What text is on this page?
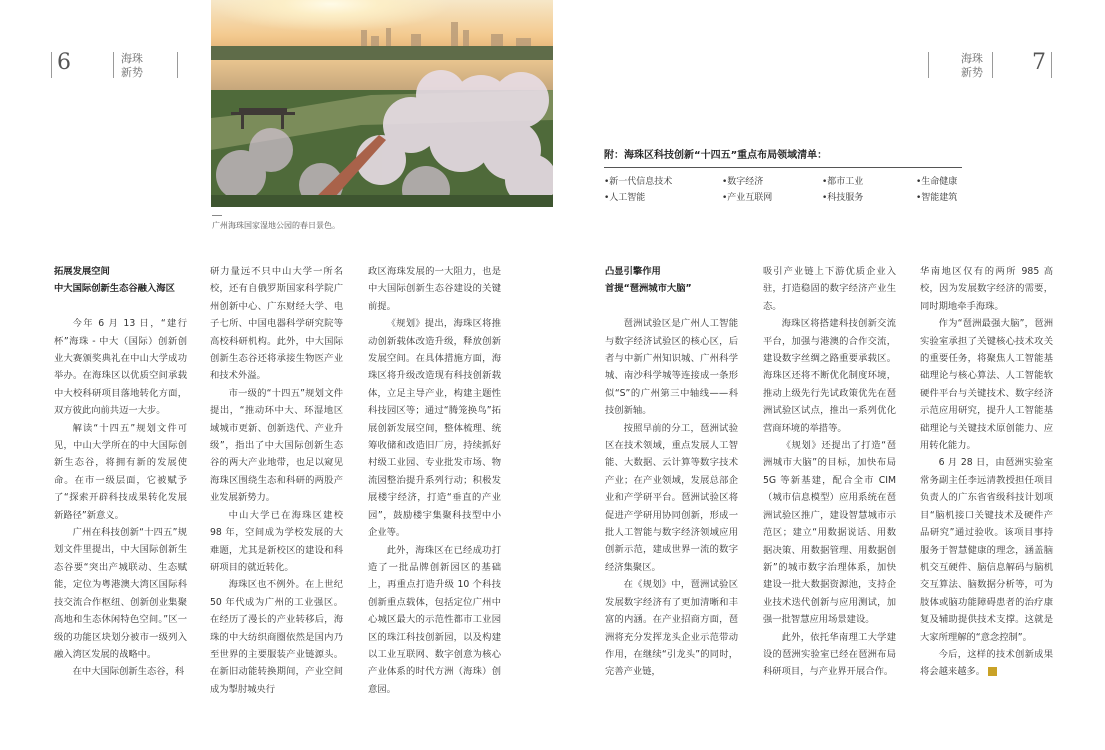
6	海珠
新势
海珠
新势 7
广州海珠国家湿地公园的春日景色。
附：海珠区科技创新“十四五”重点布局领域清单：
•新一代信息技术	•数字经济	•都市工业	•生命健康
•人工智能	•产业互联网	•科技服务	•智能建筑

拓展发展空间

中大国际创新生态谷融入海区

今年 6 月 13 日，“建行杯”海珠 - 中大（国际）创新创业大赛颁奖典礼在中山大学成功举办。在海珠区以优质空间承载中大校科研项目落地转化方面，双方彼此向前共迈一大步。

解读“十四五”规划文件可见，中山大学所在的中大国际创新生态谷，将拥有新的发展使命。在市一级层面，它被赋予了“探索开辟科技成果转化发展新路径”新意义。

广州在科技创新“十四五”规划文件里提出，中大国际创新生态谷要“突出产城联动、生态赋能，定位为粤港澳大湾区国际科技交流合作枢纽、创新创业集聚高地和生态休闲特色空间。”区一级的功能区块划分被市一级列入融入湾区发展的战略中。

在中大国际创新生态谷，科

研力量远不只中山大学一所名校，还有自俄罗斯国家科学院广州创新中心、广东财经大学、电子七所、中国电器科学研究院等高校科研机构。此外，中大国际创新生态谷还将承接生物医产业和技术外溢。

市一级的“十四五”规划文件提出，“推动环中大、环湿地区域城市更新、创新迭代、产业升级”，指出了中大国际创新生态谷的两大产业地带，也足以窥见海珠区围绕生态和科研的两股产业发展新势力。

中山大学已在海珠区建校 98 年，空间成为学校发展的大难题，尤其是新校区的建设和科研项目的就近转化。

海珠区也不例外。在上世纪 50 年代成为广州的工业强区。在经历了漫长的产业转移后，海珠的中大纺织商圈依然是国内乃至世界的主要服装产业链源头。在新旧动能转换期间，产业空间成为掣肘城央行

政区海珠发展的一大阻力，也是中大国际创新生态谷建设的关键前提。

《规划》提出，海珠区将推动创新载体改造升级，释放创新发展空间。在具体措施方面，海珠区将升级改造现有科技创新载体，立足主导产业，构建主题性科技园区等；通过“腾笼换鸟”拓展创新发展空间，整体梳理、统筹收储和改造旧厂房，持续抓好村级工业园、专业批发市场、物流园整治提升系列行动；积极发展楼宇经济，打造“垂直的产业园”，鼓励楼宇集聚科技型中小企业等。

此外，海珠区在已经成功打造了一批品牌创新园区的基础上，再重点打造升级 10 个科技创新重点载体，包括定位广州中心城区最大的示范性都市工业园区的珠江科技创新园，以及构建以工业互联网、数字创意为核心产业体系的时代方洲（海珠）创意园。

凸显引擎作用

首提“琶洲城市大脑”

琶洲试验区是广州人工智能与数字经济试验区的核心区，后者与中新广州知识城、广州科学城、南沙科学城等连接成一条形似“S”的广州第三中轴线——科技创新轴。

按照早前的分工，琶洲试验区在技术领域，重点发展人工智能、大数据、云计算等数字技术产业；在产业领域，发展总部企业和产学研平台。琶洲试验区将促进产学研用协同创新，形成一批人工智能与数字经济领域应用创新示范，建成世界一流的数字经济集聚区。

在《规划》中，琶洲试验区发展数字经济有了更加清晰和丰富的内涵。在产业招商方面，琶洲将充分发挥龙头企业示范带动作用，在继续“引龙头”的同时，完善产业链，

吸引产业链上下游优质企业入驻，打造稳固的数字经济产业生态。

海珠区将搭建科技创新交流平台，加强与港澳的合作交流，建设数字丝绸之路重要承载区。海珠区还将不断优化制度环境，推动上级先行先试政策优先在琶洲试验区试点，推出一系列优化营商环境的举措等。

《规划》还提出了打造“琶洲城市大脑”的目标，加快布局 5G 等新基建，配合全市 CIM（城市信息模型）应用系统在琶洲试验区推广，建设智慧城市示范区；建立“用数据说话、用数据决策、用数据管理、用数据创新”的城市数字治理体系，加快建设一批大数据资源池，支持企业技术迭代创新与应用测试，加强一批智慧应用场景建设。

此外，依托华南理工大学建设的琶洲实验室已经在琶洲布局科研项目，与产业界开展合作。

华南地区仅有的两所 985 高校，因为发展数字经济的需要，同时期地牵手海珠。

作为“琶洲最强大脑”，琶洲实验室承担了关键核心技术攻关的重要任务，将聚焦人工智能基础理论与核心算法、人工智能软硬件平台与关键技术、数字经济示范应用研究，提升人工智能基础理论与关键技术原创能力、应用转化能力。

6 月 28 日，由琶洲实验室常务副主任李远清教授担任项目负责人的广东省省级科技计划项目“脑机接口关键技术及硬件产品研究”通过验收。该项目事持服务于智慧健康的理念，涵盖脑机交互硬件、脑信息解码与脑机交互算法、脑数据分析等，可为肢体或脑功能障碍患者的治疗康复及辅助提供技术支撑。这就是大家所理解的“意念控制”。

今后，这样的技术创新成果将会越来越多。	Π
